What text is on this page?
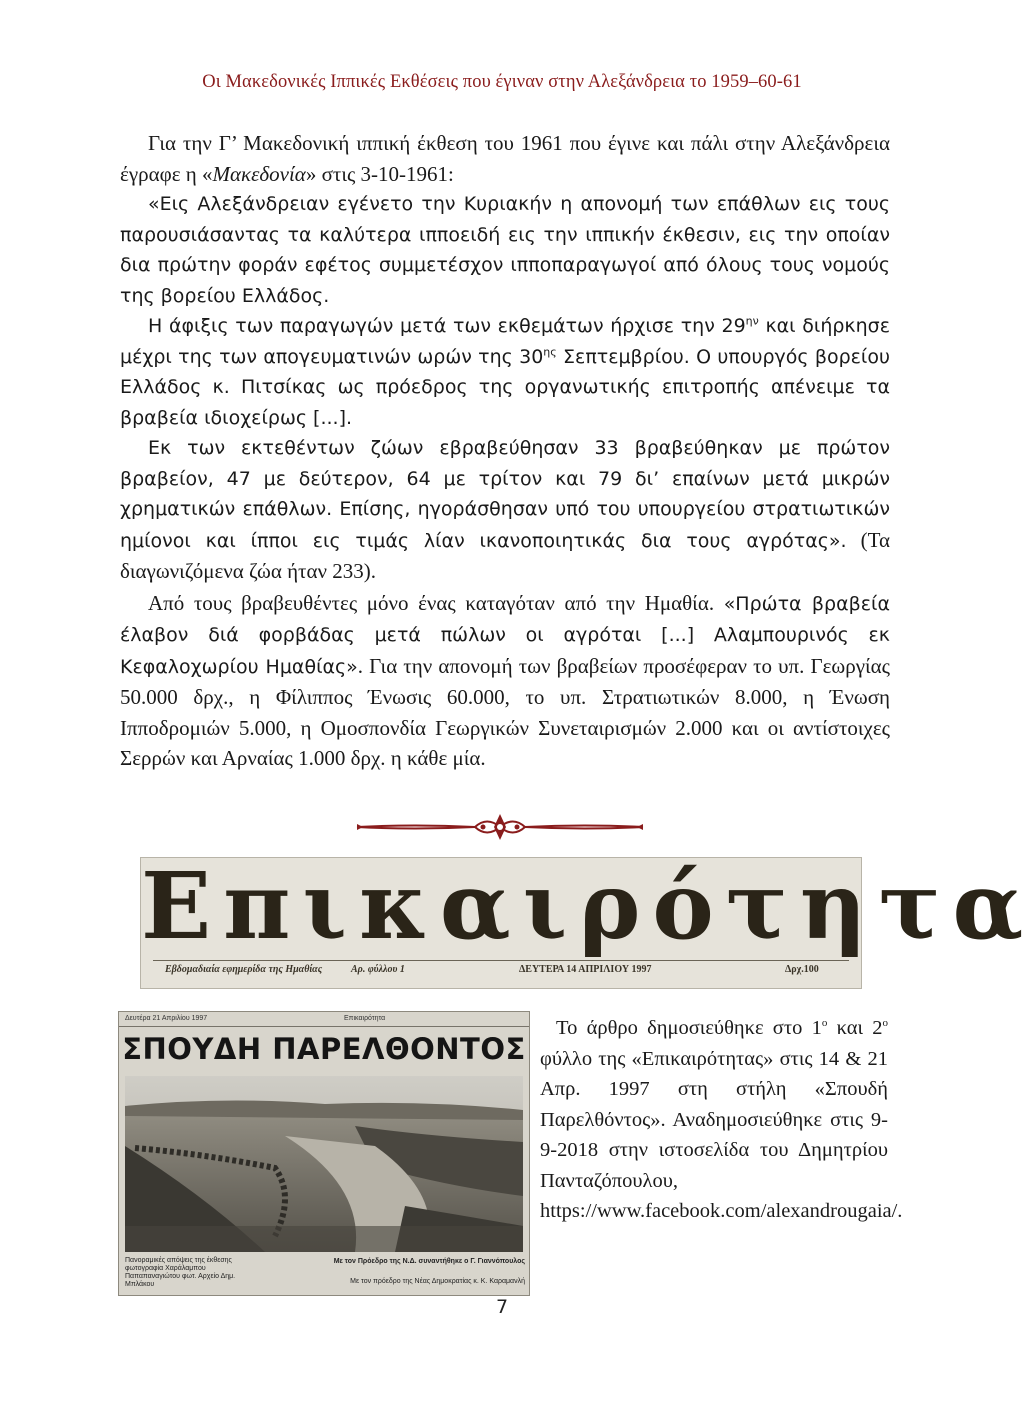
Οι Μακεδονικές Ιππικές Εκθέσεις που έγιναν στην Αλεξάνδρεια το 1959–60-61

Για την Γ’ Μακεδονική ιππική έκθεση του 1961 που έγινε και πάλι στην Αλεξάνδρεια έγραφε η «Μακεδονία» στις 3-10-1961:

«Εις Αλεξάνδρειαν εγένετο την Κυριακήν η απονομή των επάθλων εις τους παρουσιάσαντας τα καλύτερα ιπποειδή εις την ιππικήν έκθεσιν, εις την οποίαν δια πρώτην φοράν εφέτος συμμετέσχον ιπποπαραγωγοί από όλους τους νομούς της βορείου Ελλάδος.

Η άφιξις των παραγωγών μετά των εκθεμάτων ήρχισε την $29^{\eta\nu}$ και διήρκησε μέχρι της των απογευματινών ωρών της $30^{\eta\varsigma}$ Σεπτεμβρίου. Ο υπουργός βορείου Ελλάδος κ. Πιτσίκας ως πρόεδρος της οργανωτικής επιτροπής απένειμε τα βραβεία ιδιοχείρως [...].

Εκ των εκτεθέντων ζώων εβραβεύθησαν 33 βραβεύθηκαν με πρώτον βραβείον, 47 με δεύτερον, 64 με τρίτον και 79 δι’ επαίνων μετά μικρών χρηματικών επάθλων. Επίσης, ηγοράσθησαν υπό του υπουργείου στρατιωτικών ημίονοι και ίπποι εις τιμάς λίαν ικανοποιητικάς δια τους αγρότας». (Τα διαγωνιζόμενα ζώα ήταν 233).

Από τους βραβευθέντες μόνο ένας καταγόταν από την Ημαθία. «Πρώτα βραβεία έλαβον διά φορβάδας μετά πώλων οι αγρόται [...] Αλαμπουρινός εκ Κεφαλοχωρίου Ημαθίας». Για την απονομή των βραβείων προσέφεραν το υπ. Γεωργίας 50.000 δρχ., η Φίλιππος Ένωσις 60.000, το υπ. Στρατιωτικών 8.000, η Ένωση Ιπποδρομιών 5.000, η Ομοσπονδία Γεωργικών Συνεταιρισμών 2.000 και οι αντίστοιχες Σερρών και Αρναίας 1.000 δρχ. η κάθε μία.

Επικαιρότητα
Εβδομαδιαία εφημερίδα της Ημαθίας	Αρ. φύλλου 1	ΔΕΥΤΕΡΑ 14 ΑΠΡΙΛΙΟΥ 1997	Δρχ.100
Δευτέρα 21 Απριλίου 1997	Επικαιρότητα
ΣΠΟΥΔΗ ΠΑΡΕΛΘΟΝΤΟΣ
Πανοραμικές απόψεις της έκθεσης φωτογραφία Χαράλαμπου Παπαπαναγιώτου φωτ. Αρχείο Δημ. Μπλάκου
Με τον Πρόεδρο της Ν.Δ. συναντήθηκε ο Γ. Γιαννόπουλος
Με τον πρόεδρο της Νέας Δημοκρατίας κ. Κ. Καραμανλή

Το άρθρο δημοσιεύθηκε στο $1^o$ και $2^o$ φύλλο της «Επικαιρότητας» στις 14 & 21 Απρ. 1997 στη στήλη «Σπουδή Παρελθόντος». Αναδημοσιεύθηκε στις 9-9-2018 στην ιστοσελίδα του Δημητρίου Πανταζόπουλου, https://www.facebook.com/alexandrougaia/.

7
